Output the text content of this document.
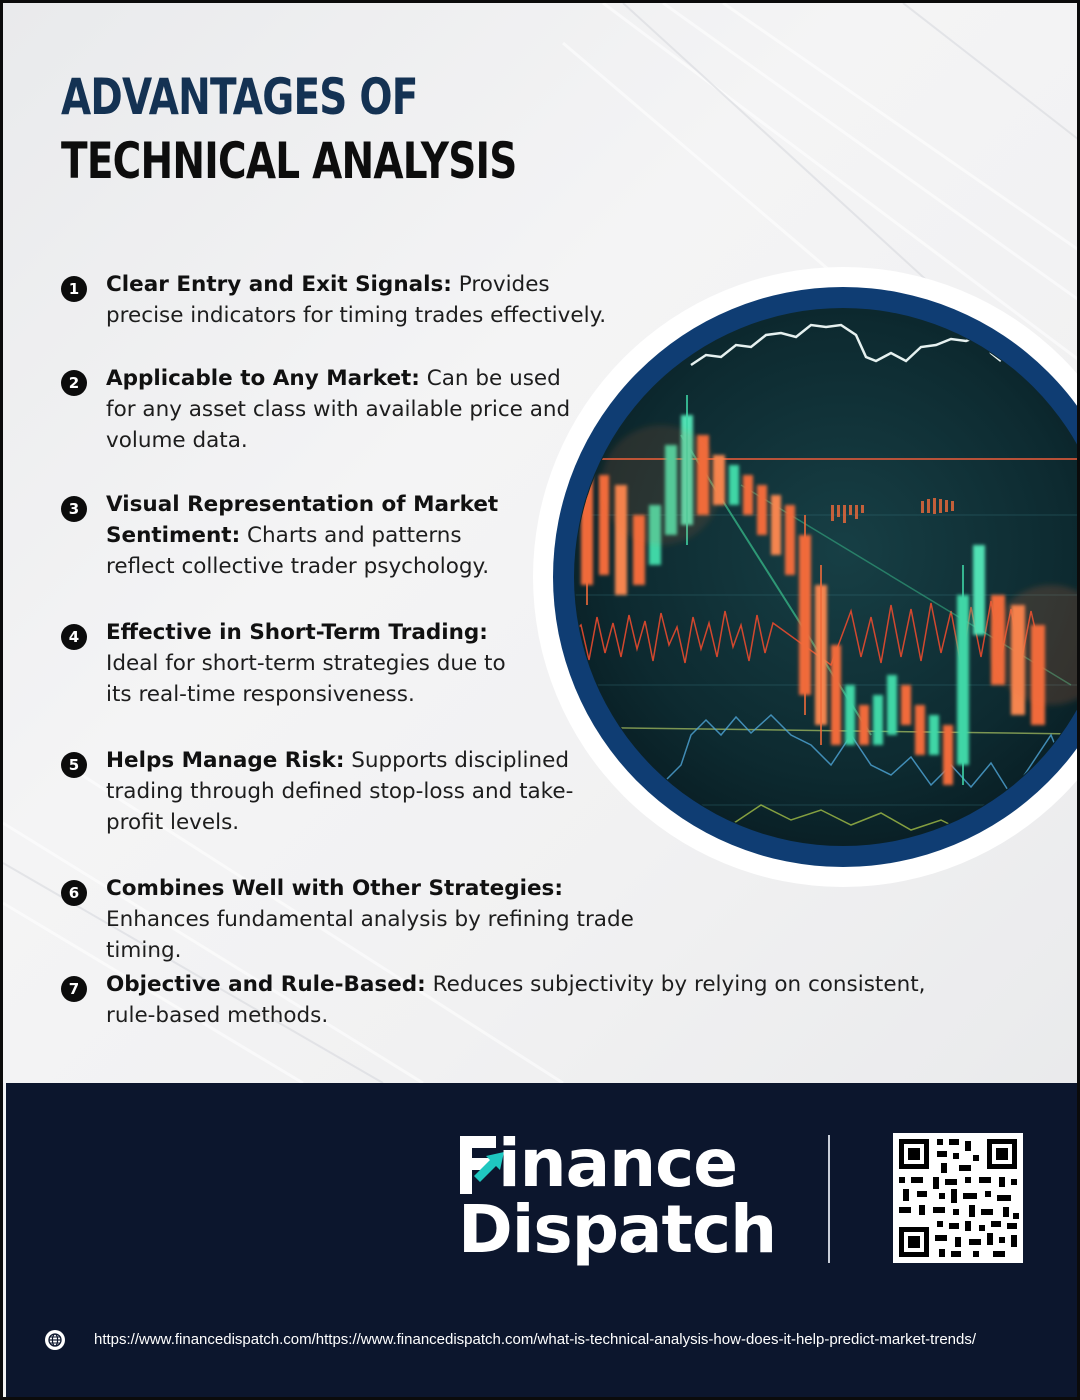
ADVANTAGES OF
TECHNICAL ANALYSIS
1	Clear Entry and Exit Signals: Provides precise indicators for timing trades effectively.
2	Applicable to Any Market: Can be used for any asset class with available price and volume data.
3	Visual Representation of Market Sentiment: Charts and patterns reflect collective trader psychology.
4	Effective in Short-Term Trading: Ideal for short-term strategies due to its real-time responsiveness.
5	Helps Manage Risk: Supports disciplined trading through defined stop-loss and take-profit levels.
6	Combines Well with Other Strategies: Enhances fundamental analysis by refining trade timing.
7	Objective and Rule-Based: Reduces subjectivity by relying on consistent, rule-based methods.
inance
Dispatch
https://www.financedispatch.com/https://www.financedispatch.com/what-is-technical-analysis-how-does-it-help-predict-market-trends/
